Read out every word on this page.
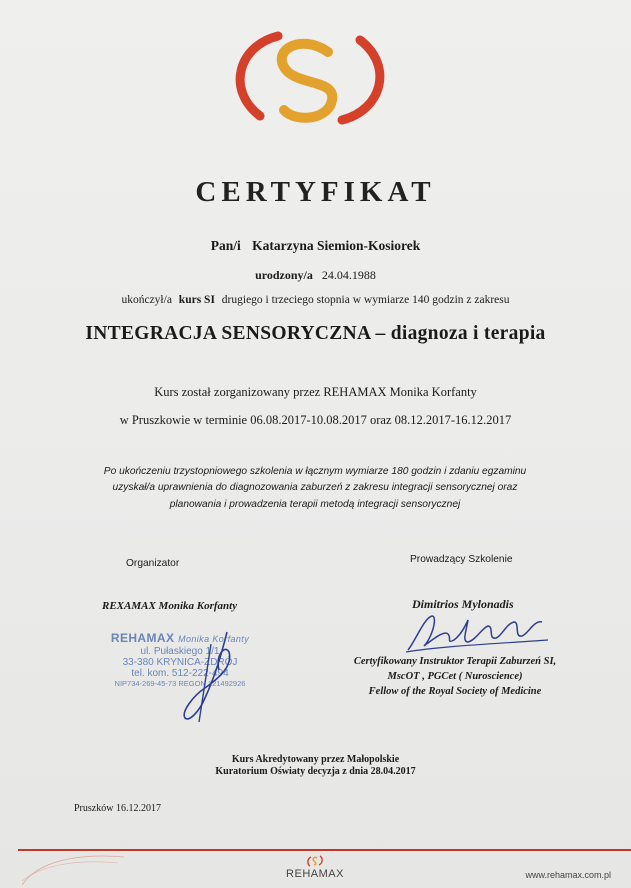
CERTYFIKAT
Pan/i Katarzyna Siemion-Kosiorek
urodzony/a 24.04.1988
ukończył/a kurs SI drugiego i trzeciego stopnia w wymiarze 140 godzin z zakresu
INTEGRACJA SENSORYCZNA – diagnoza i terapia
Kurs został zorganizowany przez REHAMAX Monika Korfanty
w Pruszkowie w terminie 06.08.2017-10.08.2017 oraz 08.12.2017-16.12.2017
Po ukończeniu trzystopniowego szkolenia w łącznym wymiarze 180 godzin i zdaniu egzaminu
uzyskał/a uprawnienia do diagnozowania zaburzeń z zakresu integracji sensorycznej oraz
planowania i prowadzenia terapii metodą integracji sensorycznej
Organizator	Prowadzący Szkolenie
REXAMAX Monika Korfanty	Dimitrios Mylonadis
REHAMAX Monika Korfanty
ul. Pułaskiego 1/1
33-380 KRYNICA-ZDRÓJ
tel. kom. 512-222-494
NIP734-269-45-73 REGON 121492926
Certyfikowany Instruktor Terapii Zaburzeń SI,
MscOT , PGCet ( Nuroscience)
Fellow of the Royal Society of Medicine
Kurs Akredytowany przez Małopolskie
Kuratorium Oświaty decyzja z dnia 28.04.2017
Pruszków 16.12.2017
REHAMAX	www.rehamax.com.pl
